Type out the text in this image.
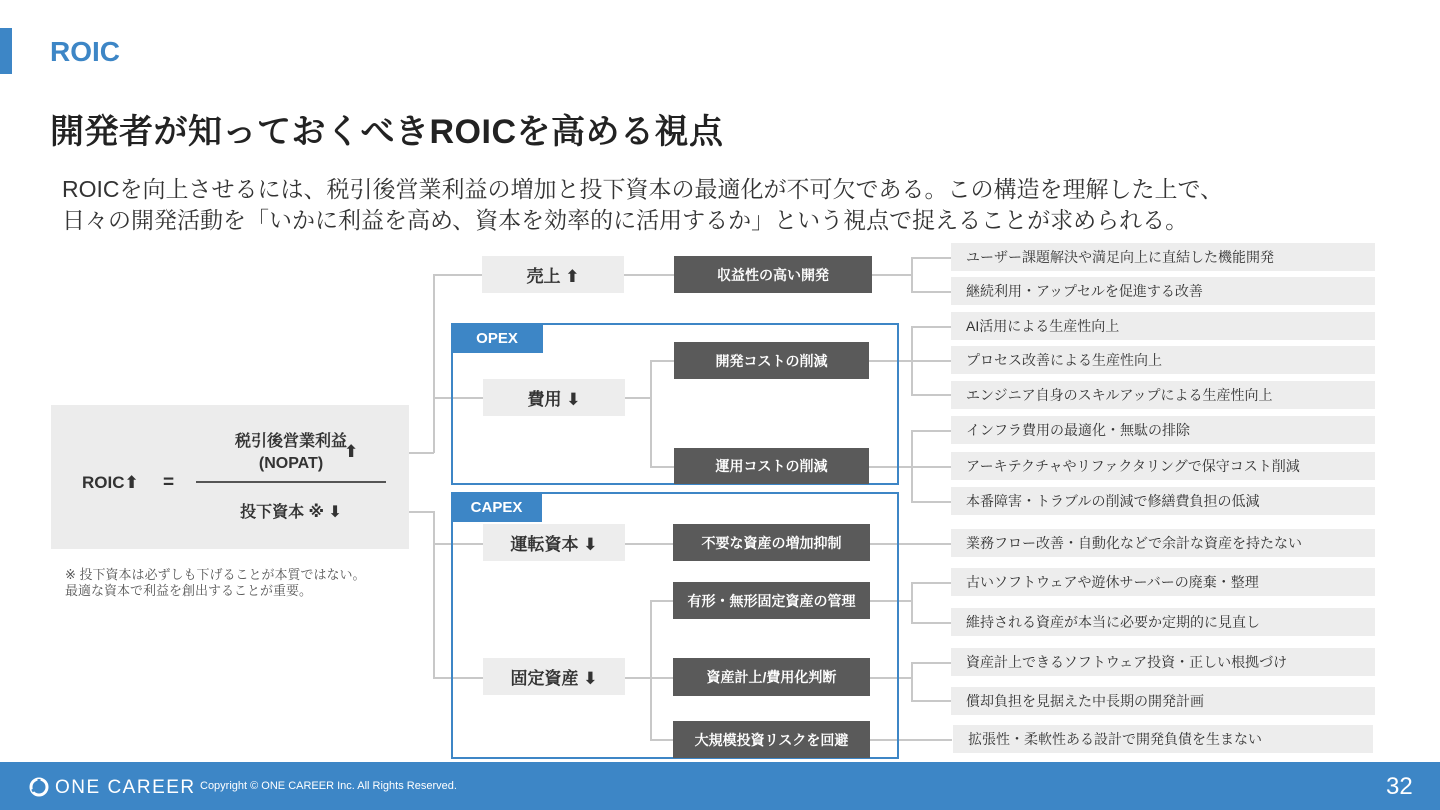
ROIC
開発者が知っておくべきROICを高める視点
ROICを向上させるには、税引後営業利益の増加と投下資本の最適化が不可欠である。この構造を理解した上で、
日々の開発活動を「いかに利益を高め、資本を効率的に活用するか」という視点で捉えることが求められる。
ROIC⬆ =
税引後営業利益
(NOPAT)
⬆
投下資本 ※ ⬇
※ 投下資本は必ずしも下げることが本質ではない。
最適な資本で利益を創出することが重要。
OPEX
CAPEX
売上 ⬆
費用 ⬇
運転資本 ⬇
固定資産 ⬇
収益性の高い開発
開発コストの削減
運用コストの削減
不要な資産の増加抑制
有形・無形固定資産の管理
資産計上/費用化判断
大規模投資リスクを回避
ユーザー課題解決や満足向上に直結した機能開発
継続利用・アップセルを促進する改善
AI活用による生産性向上
プロセス改善による生産性向上
エンジニア自身のスキルアップによる生産性向上
インフラ費用の最適化・無駄の排除
アーキテクチャやリファクタリングで保守コスト削減
本番障害・トラブルの削減で修繕費負担の低減
業務フロー改善・自動化などで余計な資産を持たない
古いソフトウェアや遊休サーバーの廃棄・整理
維持される資産が本当に必要か定期的に見直し
資産計上できるソフトウェア投資・正しい根拠づけ
償却負担を見据えた中長期の開発計画
拡張性・柔軟性ある設計で開発負債を生まない
ONE CAREER Copyright © ONE CAREER Inc. All Rights Reserved.	32
